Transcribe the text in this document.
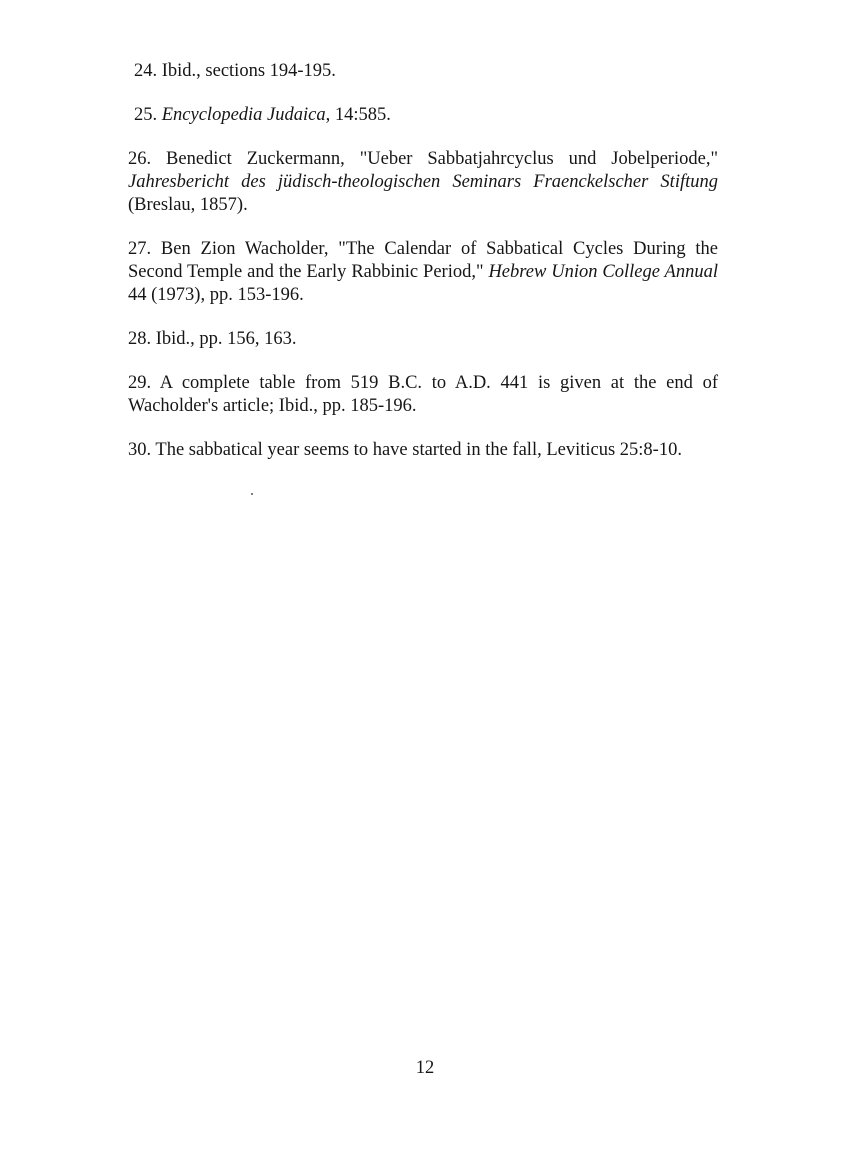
24. Ibid., sections 194-195.

25. Encyclopedia Judaica, 14:585.

26. Benedict Zuckermann, "Ueber Sabbatjahrcyclus und Jobelperiode," Jahresbericht des jüdisch-theologischen Seminars Fraenckelscher Stiftung (Breslau, 1857).

27. Ben Zion Wacholder, "The Calendar of Sabbatical Cycles During the Second Temple and the Early Rabbinic Period," Hebrew Union College Annual 44 (1973), pp. 153-196.

28. Ibid., pp. 156, 163.

29. A complete table from 519 B.C. to A.D. 441 is given at the end of Wacholder's article; Ibid., pp. 185-196.

30. The sabbatical year seems to have started in the fall, Leviticus 25:8-10.

12
